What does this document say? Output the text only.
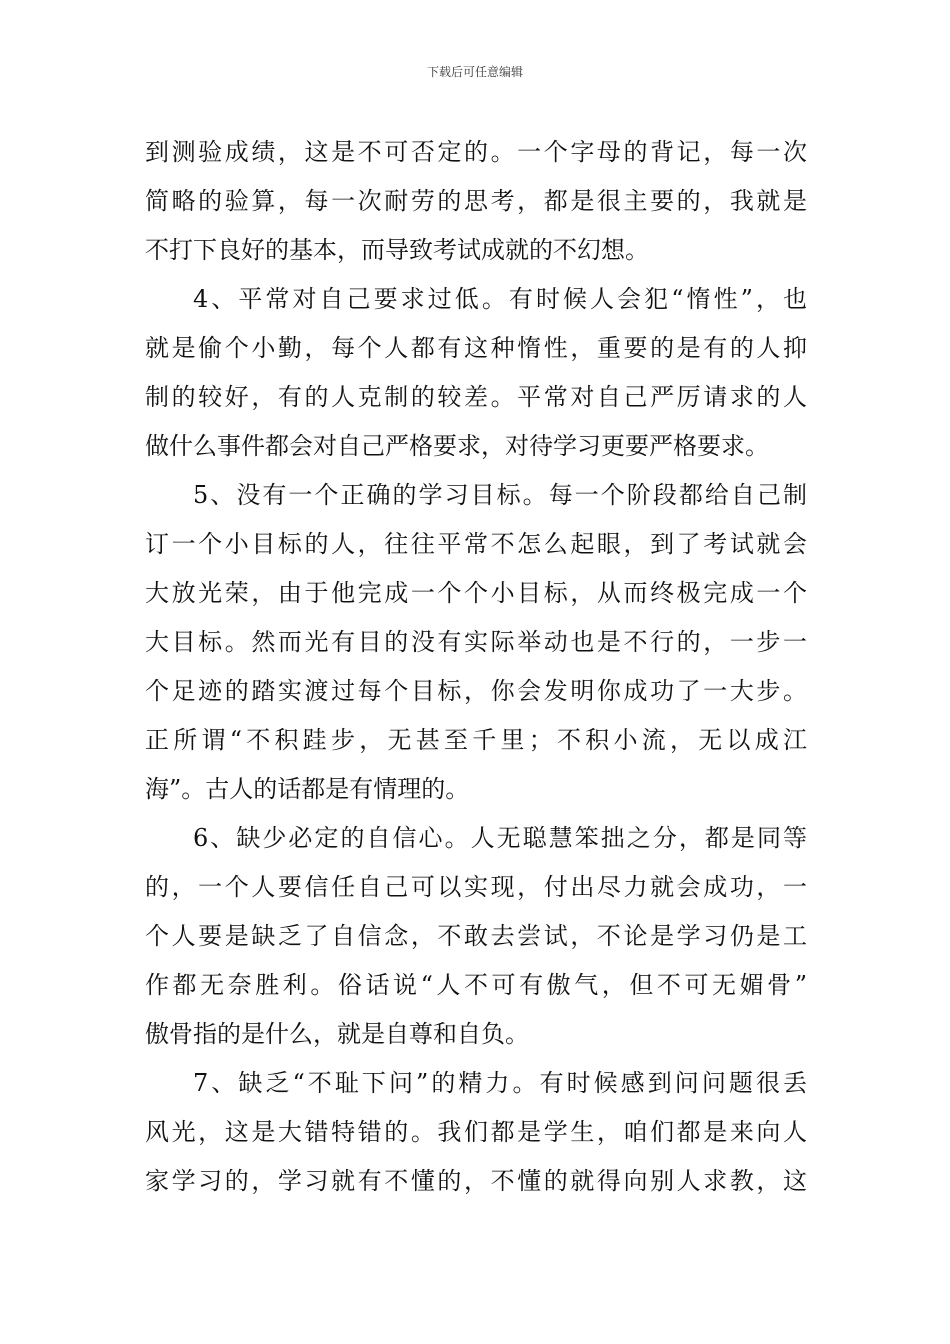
下载后可任意编辑
到测验成绩，这是不可否定的。一个字母的背记，每一次
简略的验算，每一次耐劳的思考，都是很主要的，我就是
不打下良好的基本，而导致考试成就的不幻想。
4、平常对自己要求过低。有时候人会犯“惰性”，也
就是偷个小勤，每个人都有这种惰性，重要的是有的人抑
制的较好，有的人克制的较差。平常对自己严厉请求的人
做什么事件都会对自己严格要求，对待学习更要严格要求。
5、没有一个正确的学习目标。每一个阶段都给自己制
订一个小目标的人，往往平常不怎么起眼，到了考试就会
大放光荣，由于他完成一个个小目标，从而终极完成一个
大目标。然而光有目的没有实际举动也是不行的，一步一
个足迹的踏实渡过每个目标，你会发明你成功了一大步。
正所谓“不积跬步，无甚至千里；不积小流，无以成江
海”。古人的话都是有情理的。
6、缺少必定的自信心。人无聪慧笨拙之分，都是同等
的，一个人要信任自己可以实现，付出尽力就会成功，一
个人要是缺乏了自信念，不敢去尝试，不论是学习仍是工
作都无奈胜利。俗话说“人不可有傲气，但不可无媚骨”
傲骨指的是什么，就是自尊和自负。
7、缺乏“不耻下问”的精力。有时候感到问问题很丢
风光，这是大错特错的。我们都是学生，咱们都是来向人
家学习的，学习就有不懂的，不懂的就得向别人求教，这
